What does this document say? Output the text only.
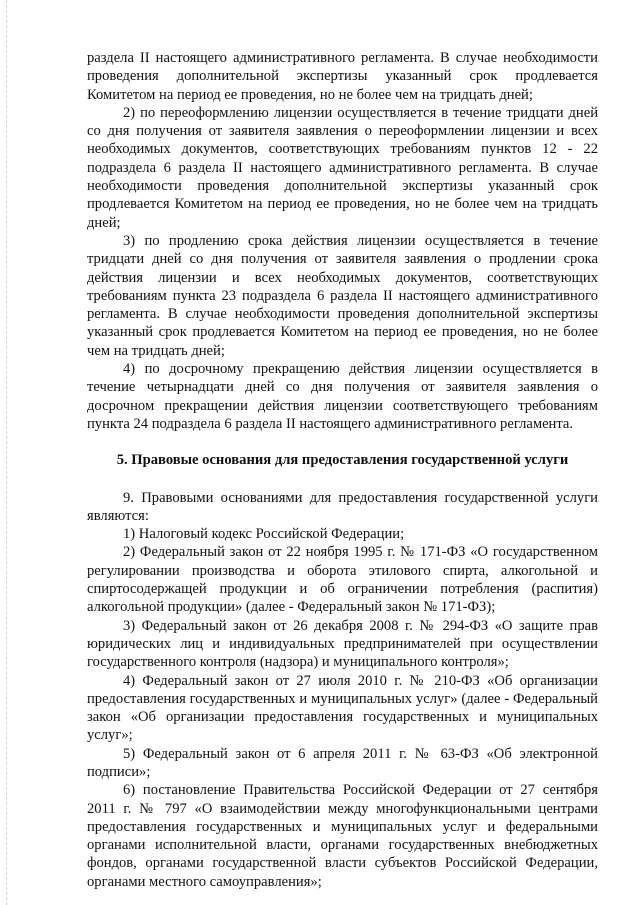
раздела II настоящего административного регламента. В случае необходимости проведения дополнительной экспертизы указанный срок продлевается Комитетом на период ее проведения, но не более чем на тридцать дней;

2) по переоформлению лицензии осуществляется в течение тридцати дней со дня получения от заявителя заявления о переоформлении лицензии и всех необходимых документов, соответствующих требованиям пунктов 12 - 22 подраздела 6 раздела II настоящего административного регламента. В случае необходимости проведения дополнительной экспертизы указанный срок продлевается Комитетом на период ее проведения, но не более чем на тридцать дней;

3) по продлению срока действия лицензии осуществляется в течение тридцати дней со дня получения от заявителя заявления о продлении срока действия лицензии и всех необходимых документов, соответствующих требованиям пункта 23 подраздела 6 раздела II настоящего административного регламента. В случае необходимости проведения дополнительной экспертизы указанный срок продлевается Комитетом на период ее проведения, но не более чем на тридцать дней;

4) по досрочному прекращению действия лицензии осуществляется в течение четырнадцати дней со дня получения от заявителя заявления о досрочном прекращении действия лицензии соответствующего требованиям пункта 24 подраздела 6 раздела II настоящего административного регламента.

5. Правовые основания для предоставления государственной услуги

9. Правовыми основаниями для предоставления государственной услуги являются:

1) Налоговый кодекс Российской Федерации;

2) Федеральный закон от 22 ноября 1995 г. № 171-ФЗ «О государственном регулировании производства и оборота этилового спирта, алкогольной и спиртосодержащей продукции и об ограничении потребления (распития) алкогольной продукции» (далее - Федеральный закон № 171-ФЗ);

3) Федеральный закон от 26 декабря 2008 г. № 294-ФЗ «О защите прав юридических лиц и индивидуальных предпринимателей при осуществлении государственного контроля (надзора) и муниципального контроля»;

4) Федеральный закон от 27 июля 2010 г. № 210-ФЗ «Об организации предоставления государственных и муниципальных услуг» (далее - Федеральный закон «Об организации предоставления государственных и муниципальных услуг»;

5) Федеральный закон от 6 апреля 2011 г. № 63-ФЗ «Об электронной подписи»;

6) постановление Правительства Российской Федерации от 27 сентября 2011 г. № 797 «О взаимодействии между многофункциональными центрами предоставления государственных и муниципальных услуг и федеральными органами исполнительной власти, органами государственных внебюджетных фондов, органами государственной власти субъектов Российской Федерации, органами местного самоуправления»;
